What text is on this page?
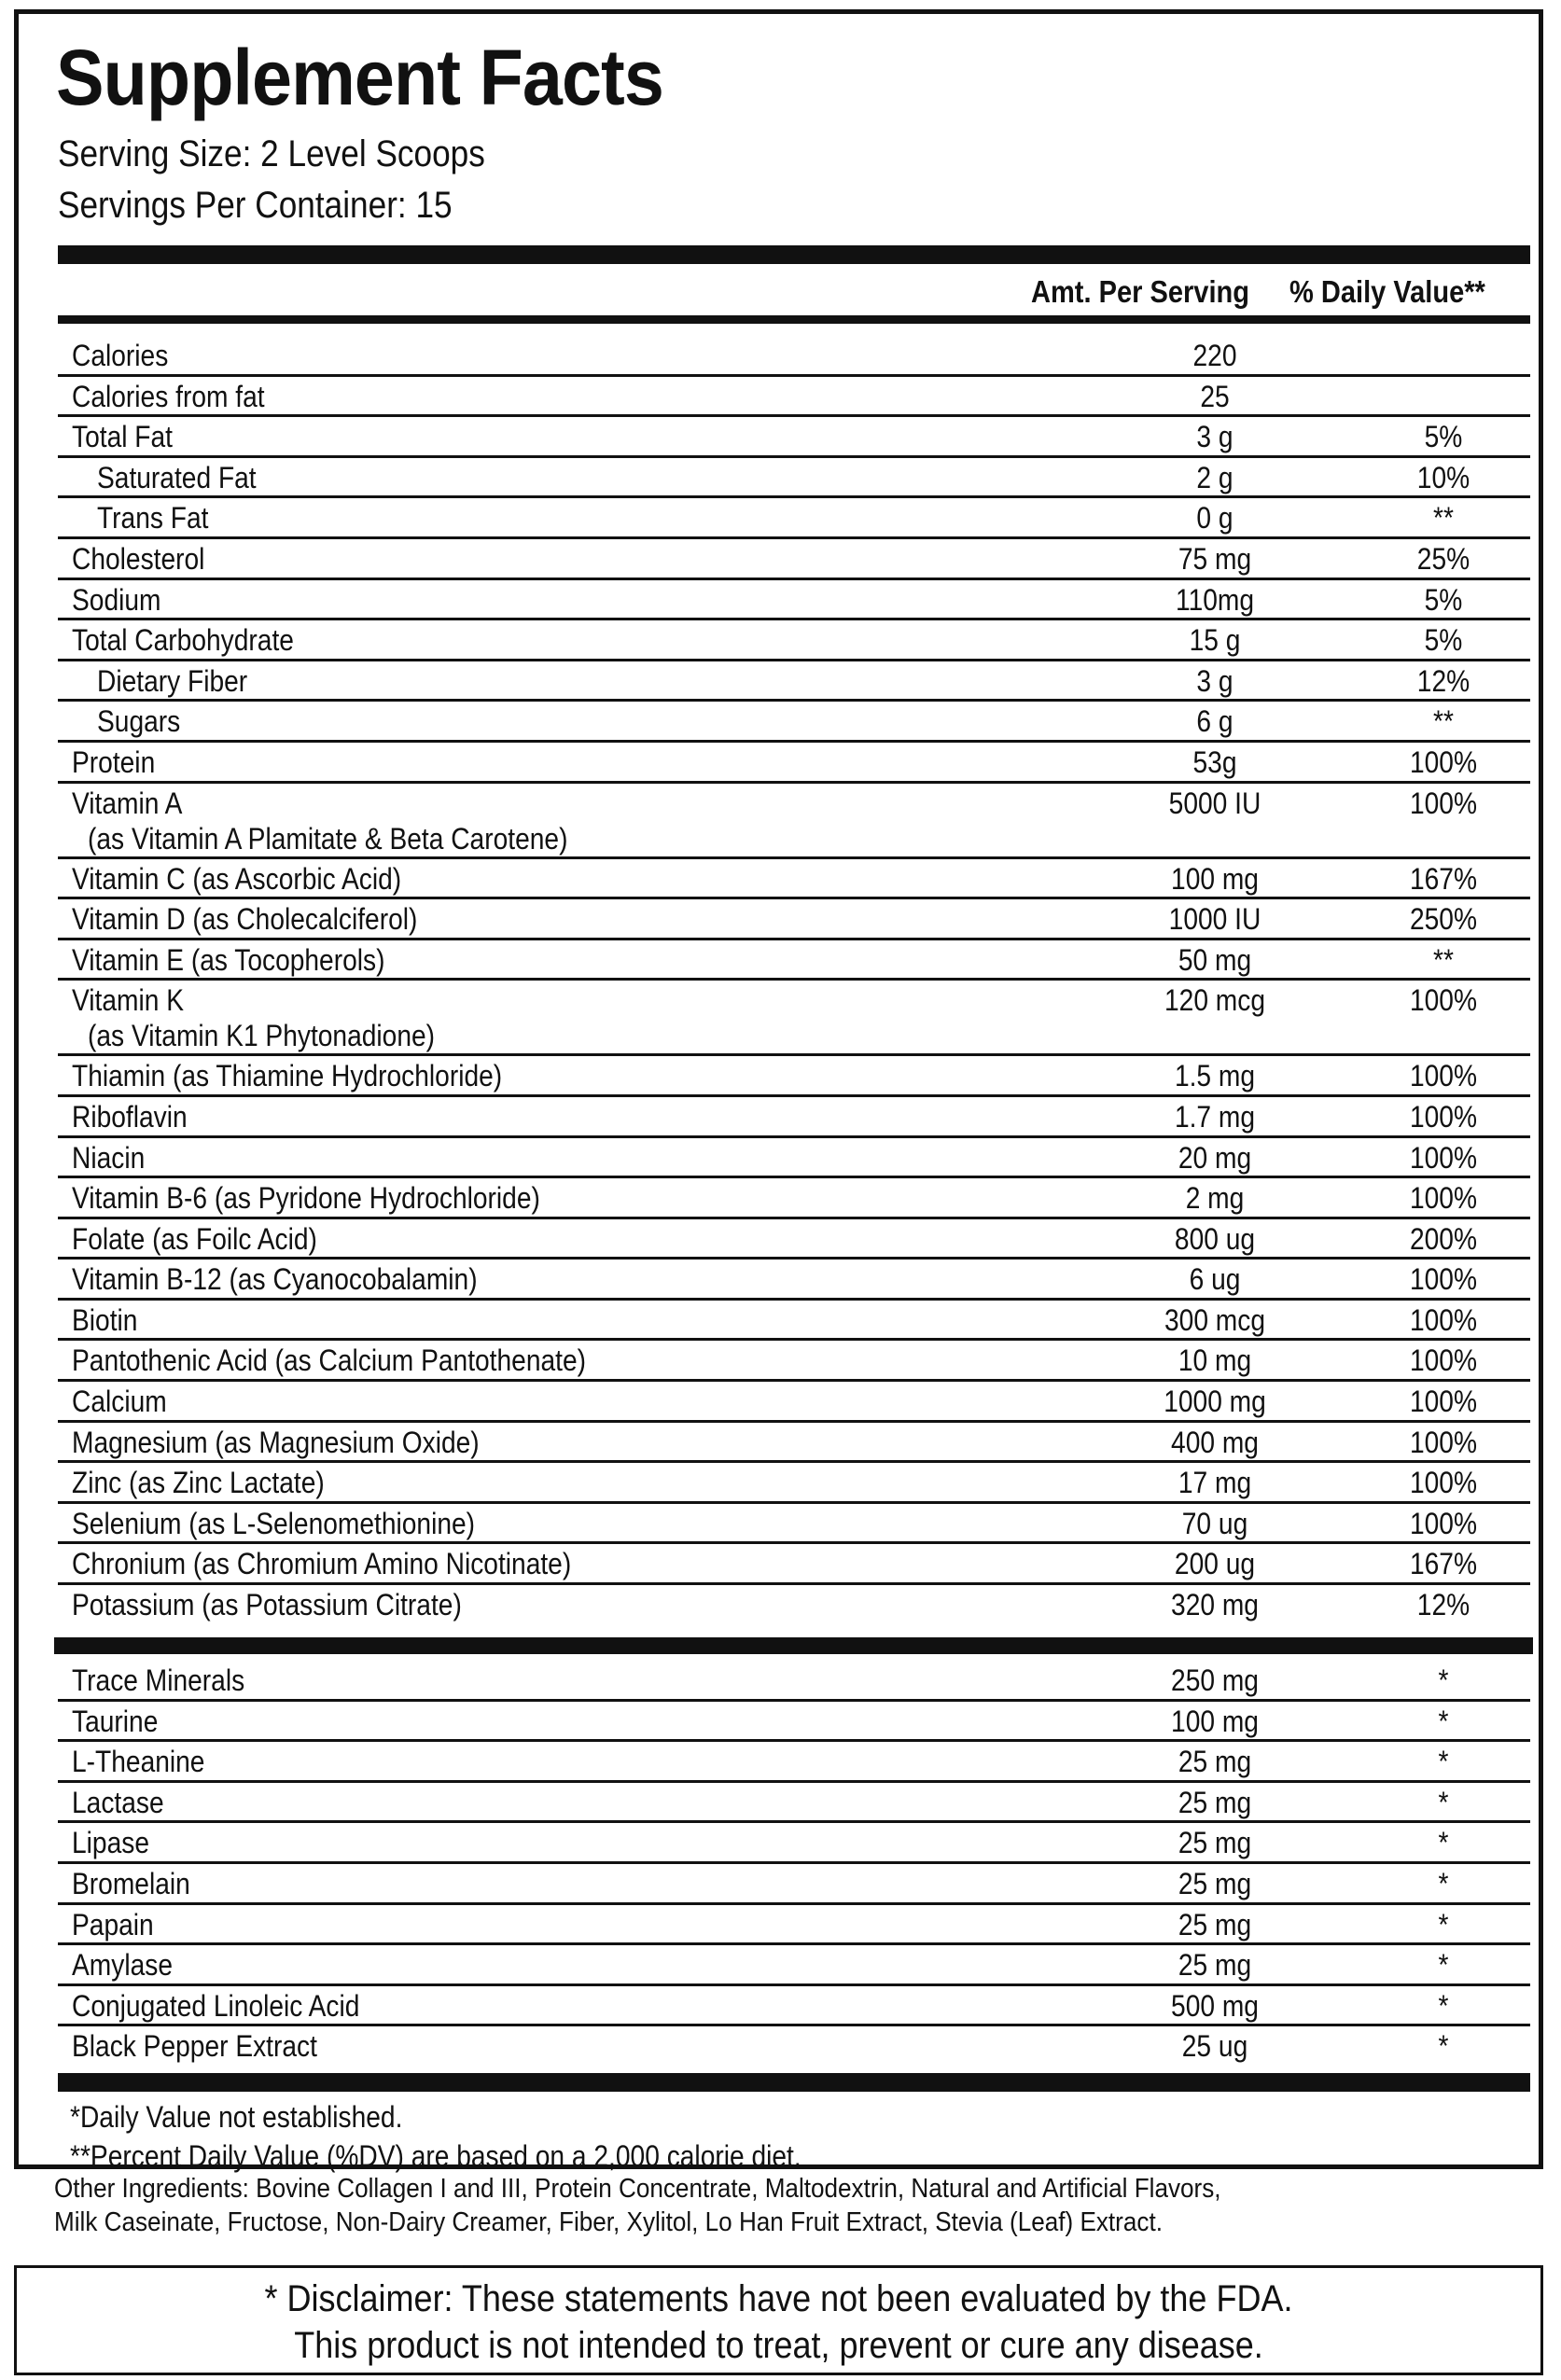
Supplement Facts
Serving Size: 2 Level Scoops
Servings Per Container: 15
Amt. Per Serving % Daily Value**
Calories	220
Calories from fat	25
Total Fat	3 g	5%
Saturated Fat	2 g	10%
Trans Fat	0 g	**
Cholesterol	75 mg	25%
Sodium	110mg	5%
Total Carbohydrate	15 g	5%
Dietary Fiber	3 g	12%
Sugars	6 g	**
Protein	53g	100%
Vitamin A
(as Vitamin A Plamitate & Beta Carotene)
5000 IU	100%
Vitamin C (as Ascorbic Acid)	100 mg	167%
Vitamin D (as Cholecalciferol)	1000 IU	250%
Vitamin E (as Tocopherols)	50 mg	**
Vitamin K
(as Vitamin K1 Phytonadione)
120 mcg	100%
Thiamin (as Thiamine Hydrochloride)	1.5 mg	100%
Riboflavin	1.7 mg	100%
Niacin	20 mg	100%
Vitamin B-6 (as Pyridone Hydrochloride)	2 mg	100%
Folate (as Foilc Acid)	800 ug	200%
Vitamin B-12 (as Cyanocobalamin)	6 ug	100%
Biotin	300 mcg	100%
Pantothenic Acid (as Calcium Pantothenate)	10 mg	100%
Calcium	1000 mg	100%
Magnesium (as Magnesium Oxide)	400 mg	100%
Zinc (as Zinc Lactate)	17 mg	100%
Selenium (as L-Selenomethionine)	70 ug	100%
Chronium (as Chromium Amino Nicotinate)	200 ug	167%
Potassium (as Potassium Citrate)	320 mg	12%
Trace Minerals	250 mg	*
Taurine	100 mg	*
L-Theanine	25 mg	*
Lactase	25 mg	*
Lipase	25 mg	*
Bromelain	25 mg	*
Papain	25 mg	*
Amylase	25 mg	*
Conjugated Linoleic Acid	500 mg	*
Black Pepper Extract	25 ug	*
*Daily Value not established.
**Percent Daily Value (%DV) are based on a 2,000 calorie diet.

Other Ingredients: Bovine Collagen I and III, Protein Concentrate, Maltodextrin, Natural and Artificial Flavors,

Milk Caseinate, Fructose, Non-Dairy Creamer, Fiber, Xylitol, Lo Han Fruit Extract, Stevia (Leaf) Extract.

* Disclaimer: These statements have not been evaluated by the FDA.

This product is not intended to treat, prevent or cure any disease.
